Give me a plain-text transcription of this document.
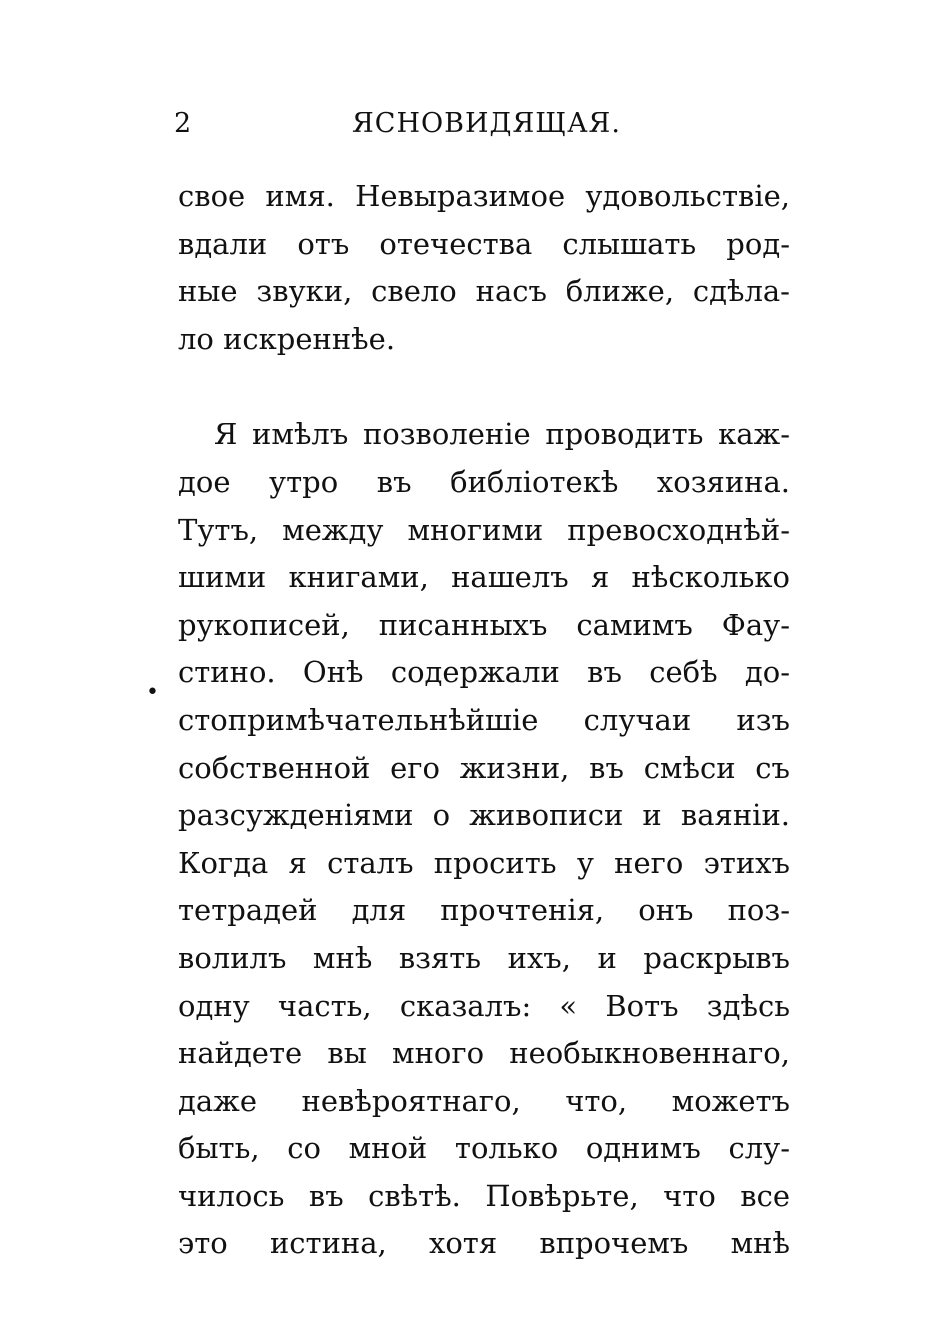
2	ЯСНОВИДЯЩАЯ.
•
свое имя. Невыразимое удовольствіе,
вдали отъ отечества слышать род-
ные звуки, свело насъ ближе, сдѣла-
ло искреннѣе.
Я имѣлъ позволеніе проводить каж-
дое утро въ библіотекѣ хозяина.
Тутъ, между многими превосходнѣй-
шими книгами, нашелъ я нѣсколько
рукописей, писанныхъ самимъ Фау-
стино. Онѣ содержали въ себѣ до-
стопримѣчательнѣйшіе случаи изъ
собственной его жизни, въ смѣси съ
разсужденіями о живописи и ваяніи.
Когда я сталъ просить у него этихъ
тетрадей для прочтенія, онъ поз-
волилъ мнѣ взять ихъ, и раскрывъ
одну часть, сказалъ: « Вотъ здѣсь
найдете вы много необыкновеннаго,
даже невѣроятнаго, что, можетъ
быть, со мной только однимъ слу-
чилось въ свѣтѣ. Повѣрьте, что все
это истина, хотя впрочемъ мнѣ
